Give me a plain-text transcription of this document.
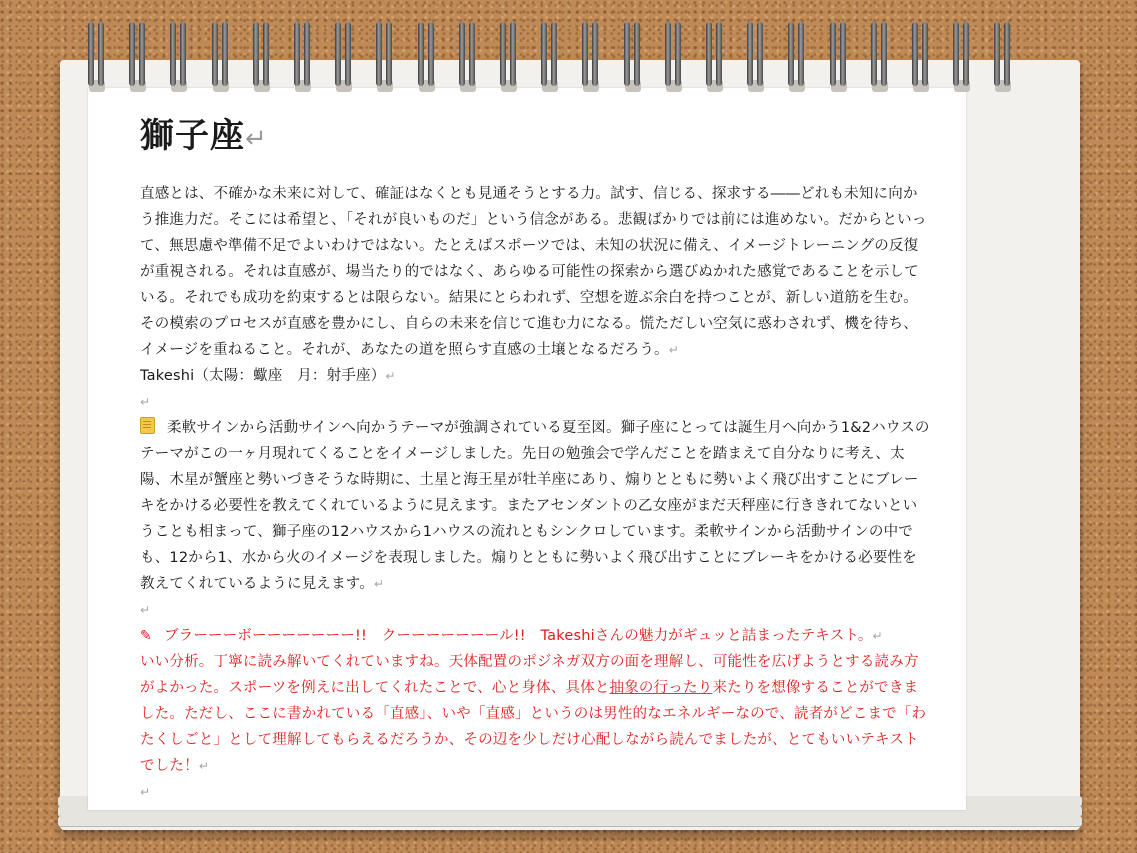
獅子座↵

直感とは、不確かな未来に対して、確証はなくとも見通そうとする力。試す、信じる、探求する――どれも未知に向かう推進力だ。そこには希望と、「それが良いものだ」という信念がある。悲観ばかりでは前には進めない。だからといって、無思慮や準備不足でよいわけではない。たとえばスポーツでは、未知の状況に備え、イメージトレーニングの反復が重視される。それは直感が、場当たり的ではなく、あらゆる可能性の探索から選びぬかれた感覚であることを示している。それでも成功を約束するとは限らない。結果にとらわれず、空想を遊ぶ余白を持つことが、新しい道筋を生む。その模索のプロセスが直感を豊かにし、自らの未来を信じて進む力になる。慌ただしい空気に惑わされず、機を待ち、イメージを重ねること。それが、あなたの道を照らす直感の土壌となるだろう。↵

Takeshi（太陽：蠍座　月：射手座）↵

↵

柔軟サインから活動サインへ向かうテーマが強調されている夏至図。獅子座にとっては誕生月へ向かう1&2ハウスのテーマがこの一ヶ月現れてくることをイメージしました。先日の勉強会で学んだことを踏まえて自分なりに考え、太陽、木星が蟹座と勢いづきそうな時期に、土星と海王星が牡羊座にあり、煽りとともに勢いよく飛び出すことにブレーキをかける必要性を教えてくれているように見えます。またアセンダントの乙女座がまだ天秤座に行ききれてないということも相まって、獅子座の12ハウスから1ハウスの流れともシンクロしています。柔軟サインから活動サインの中でも、12から1、水から火のイメージを表現しました。煽りとともに勢いよく飛び出すことにブレーキをかける必要性を教えてくれているように見えます。↵

↵

✎ ブラーーーボーーーーーーー!!　クーーーーーーール!!　Takeshiさんの魅力がギュッと詰まったテキスト。↵

いい分析。丁寧に読み解いてくれていますね。天体配置のポジネガ双方の面を理解し、可能性を広げようとする読み方がよかった。スポーツを例えに出してくれたことで、心と身体、具体と抽象の行ったり来たりを想像することができました。ただし、ここに書かれている「直感」、いや「直感」というのは男性的なエネルギーなので、読者がどこまで「わたくしごと」として理解してもらえるだろうか、その辺を少しだけ心配しながら読んでましたが、とてもいいテキストでした！↵

↵
